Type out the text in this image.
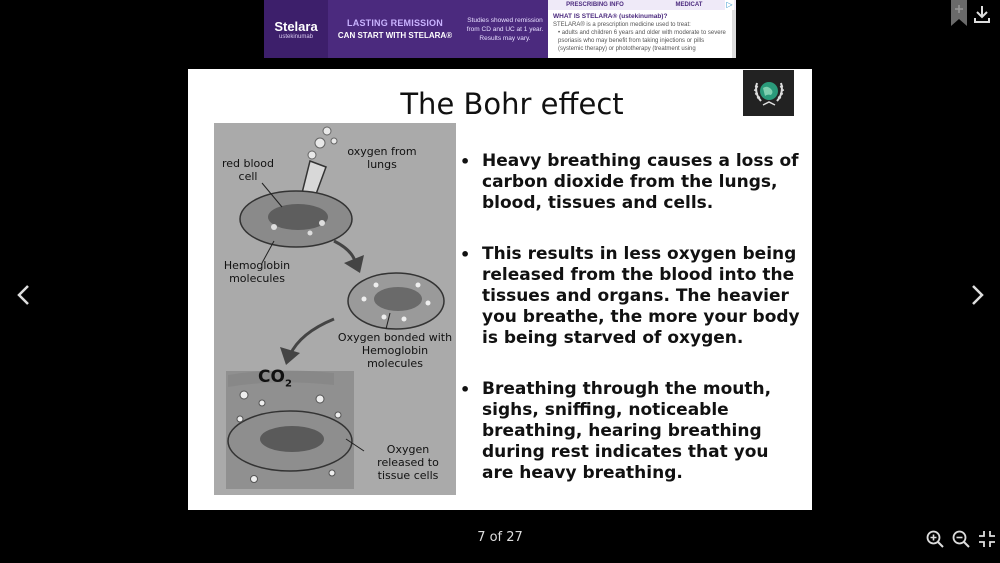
Stelara
ustekinumab
LASTING REMISSION
CAN START WITH STELARA®
Studies showed remission from CD and UC at 1 year. Results may vary.
PRESCRIBING INFO	MEDICAT
WHAT IS STELARA® (ustekinumab)?
STELARA® is a prescription medicine used to treat:
• adults and children 6 years and older with moderate to severe psoriasis who may benefit from taking injections or pills (systemic therapy) or phototherapy (treatment using
▷
The Bohr effect
oxygen from lungs
red blood cell
Hemoglobin molecules
Oxygen bonded with Hemoglobin molecules
$CO_2$
Oxygen released to tissue cells
• Heavy breathing causes a loss of carbon dioxide from the lungs, blood, tissues and cells.
• This results in less oxygen being released from the blood into the tissues and organs. The heavier you breathe, the more your body is being starved of oxygen.
• Breathing through the mouth, sighs, sniffing, noticeable breathing, hearing breathing during rest indicates that you are heavy breathing.
7 of 27
